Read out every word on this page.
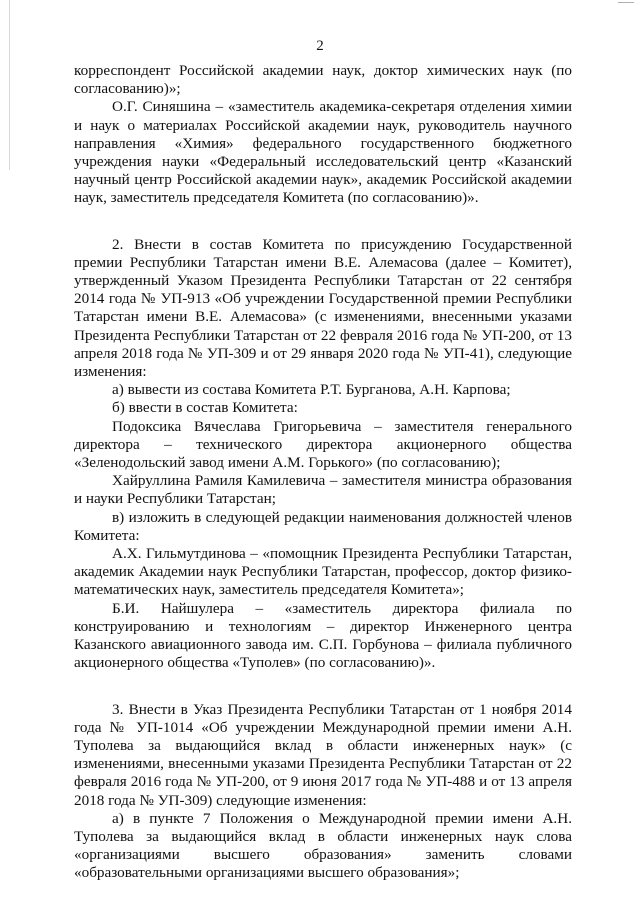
2

корреспондент Российской академии наук, доктор химических наук (по согласованию)»;

О.Г. Синяшина – «заместитель академика-секретаря отделения химии и наук о материалах Российской академии наук, руководитель научного направления «Химия» федерального государственного бюджетного учреждения науки «Федеральный исследовательский центр «Казанский научный центр Российской академии наук», академик Российской академии наук, заместитель председателя Комитета (по согласованию)».

2. Внести в состав Комитета по присуждению Государственной премии Республики Татарстан имени В.Е. Алемасова (далее – Комитет), утвержденный Указом Президента Республики Татарстан от 22 сентября 2014 года № УП-913 «Об учреждении Государственной премии Республики Татарстан имени В.Е. Алемасова» (с изменениями, внесенными указами Президента Республики Татарстан от 22 февраля 2016 года № УП-200, от 13 апреля 2018 года № УП-309 и от 29 января 2020 года № УП-41), следующие изменения:

а) вывести из состава Комитета Р.Т. Бурганова, А.Н. Карпова;

б) ввести в состав Комитета:

Подоксика Вячеслава Григорьевича – заместителя генерального директора – технического директора акционерного общества «Зеленодольский завод имени А.М. Горького» (по согласованию);

Хайруллина Рамиля Камилевича – заместителя министра образования и науки Республики Татарстан;

в) изложить в следующей редакции наименования должностей членов Комитета:

А.Х. Гильмутдинова – «помощник Президента Республики Татарстан, академик Академии наук Республики Татарстан, профессор, доктор физико-математических наук, заместитель председателя Комитета»;

Б.И. Найшулера – «заместитель директора филиала по конструированию и технологиям – директор Инженерного центра Казанского авиационного завода им. С.П. Горбунова – филиала публичного акционерного общества «Туполев» (по согласованию)».

3. Внести в Указ Президента Республики Татарстан от 1 ноября 2014 года № УП-1014 «Об учреждении Международной премии имени А.Н. Туполева за выдающийся вклад в области инженерных наук» (с изменениями, внесенными указами Президента Республики Татарстан от 22 февраля 2016 года № УП-200, от 9 июня 2017 года № УП-488 и от 13 апреля 2018 года № УП-309) следующие изменения:

а) в пункте 7 Положения о Международной премии имени А.Н. Туполева за выдающийся вклад в области инженерных наук слова «организациями высшего образования» заменить словами «образовательными организациями высшего образования»;
